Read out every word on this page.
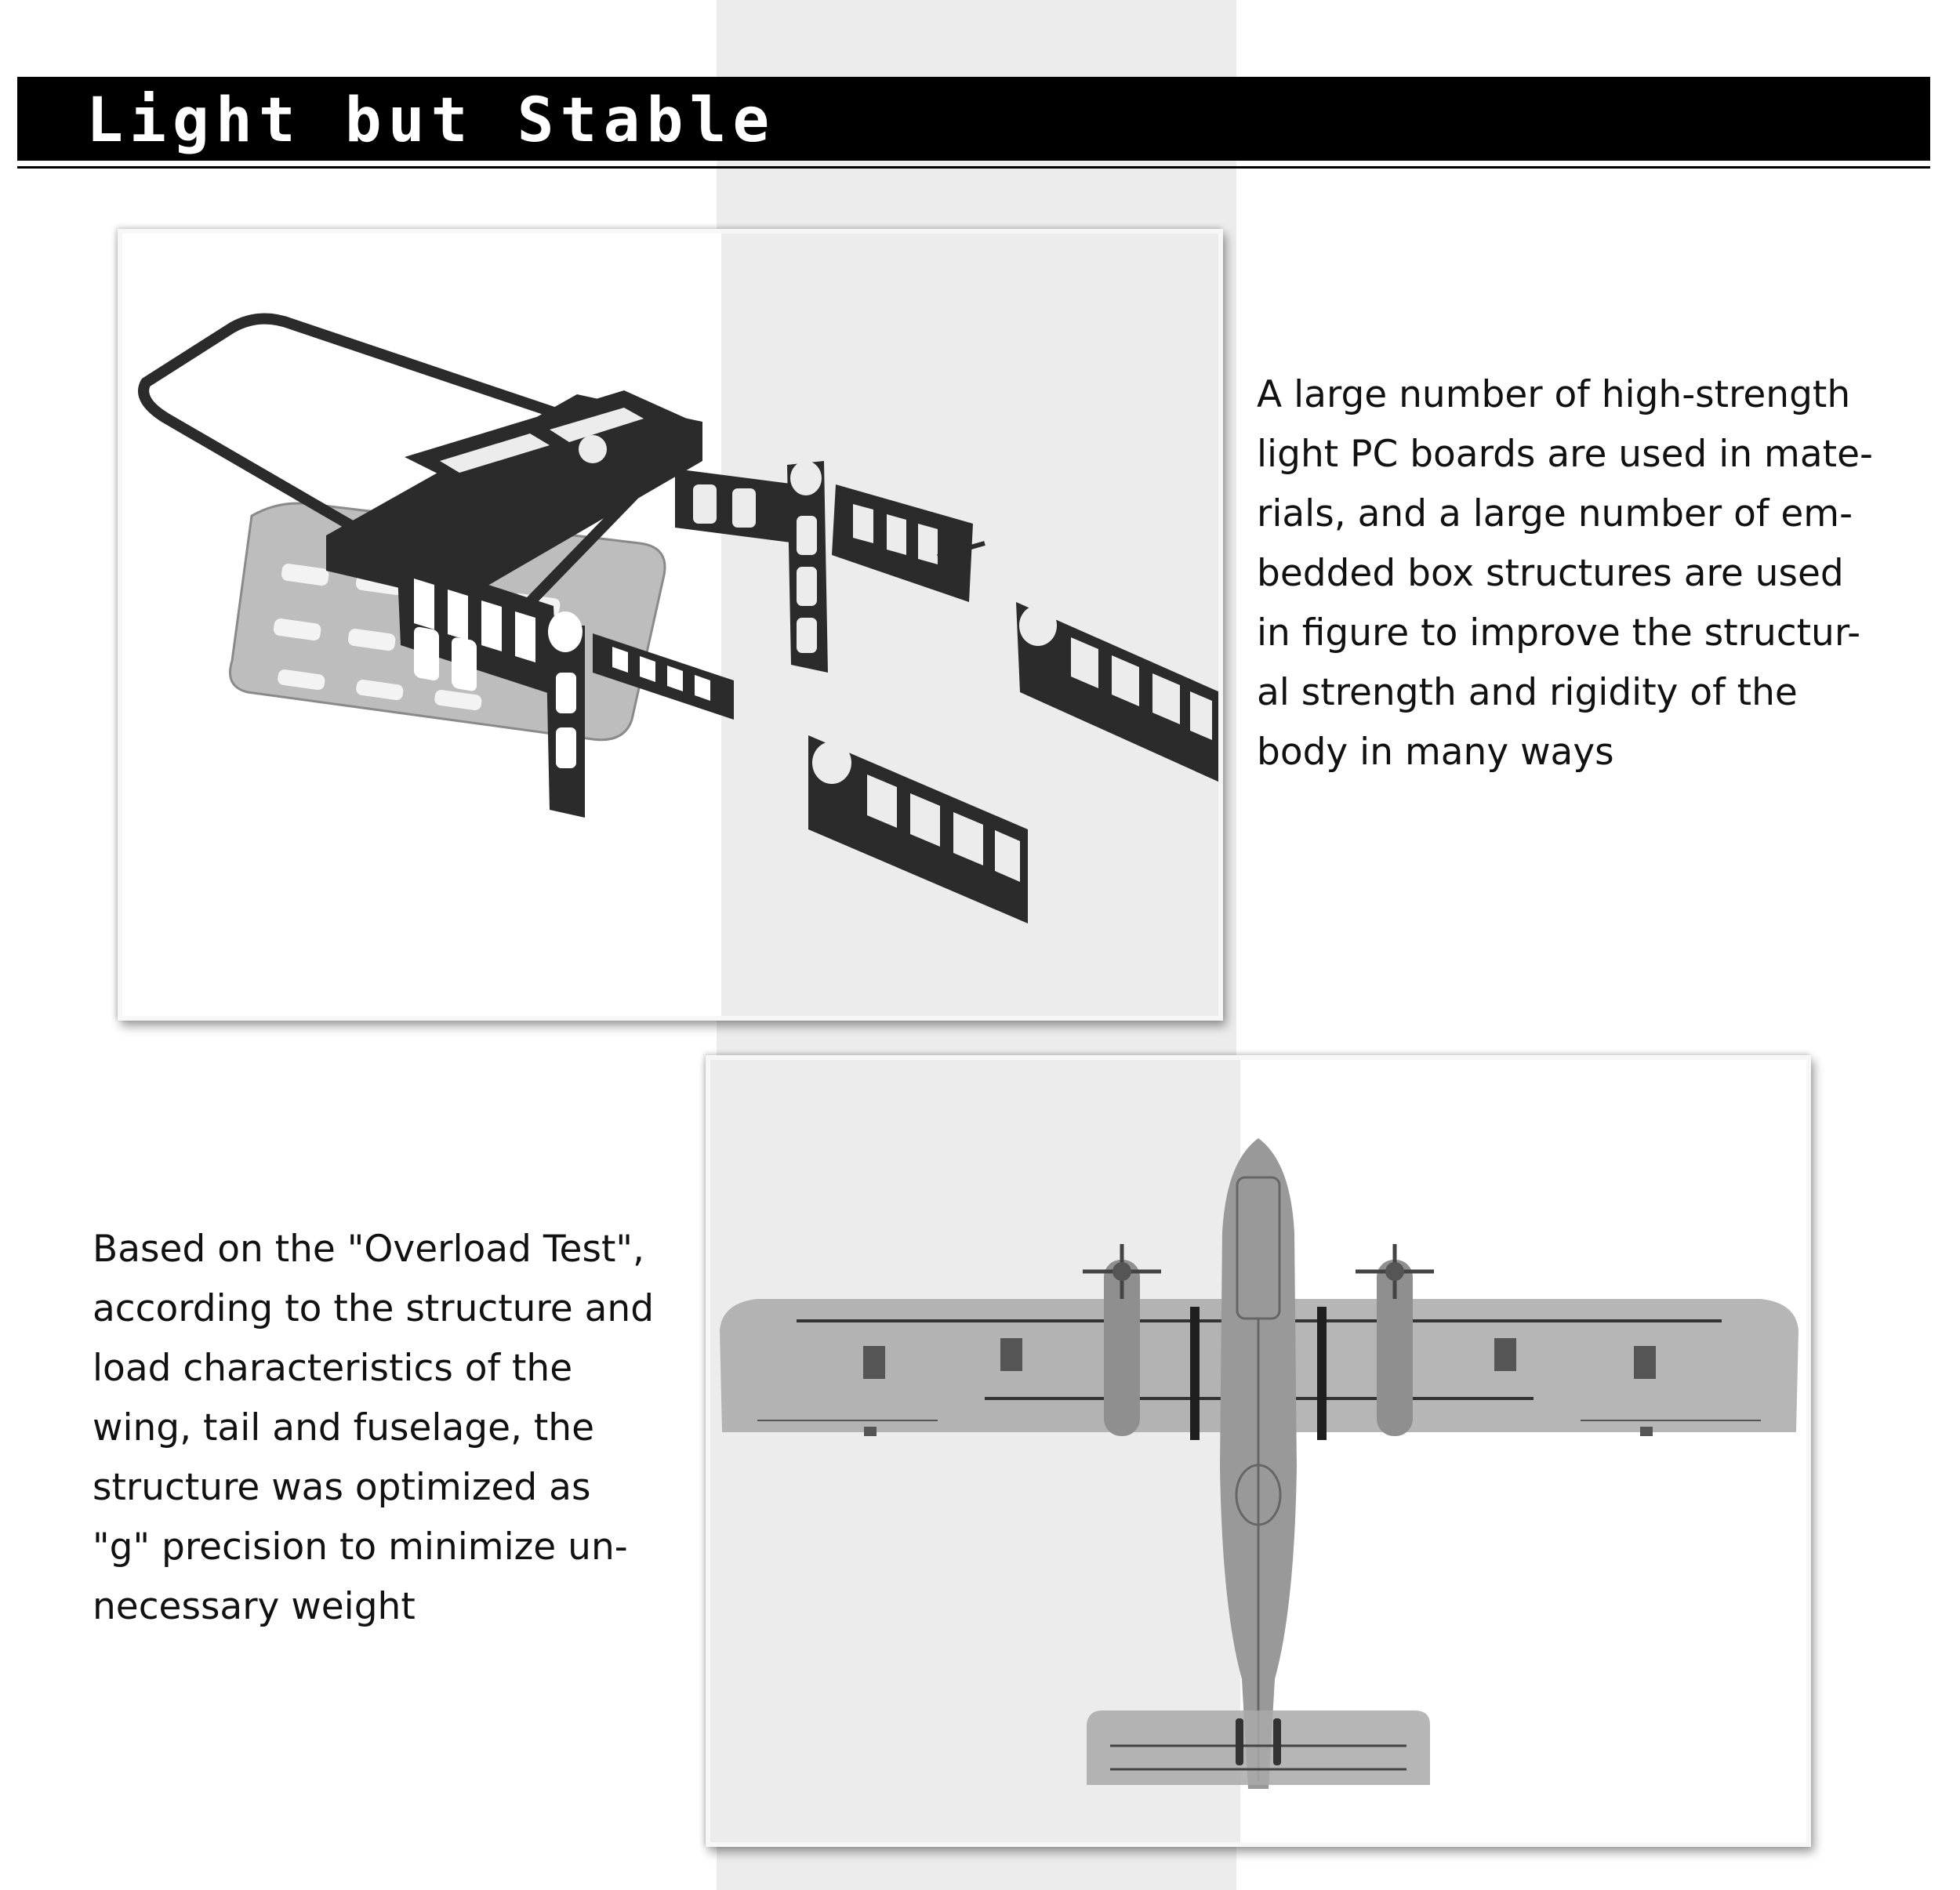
Light but Stable

A large number of high-strength
light PC boards are used in mate-
rials, and a large number of em-
bedded box structures are used
in figure to improve the structur-
al strength and rigidity of the
body in many ways

Based on the "Overload Test",
according to the structure and
load characteristics of the
wing, tail and fuselage, the
structure was optimized as
"g" precision to minimize un-
necessary weight
